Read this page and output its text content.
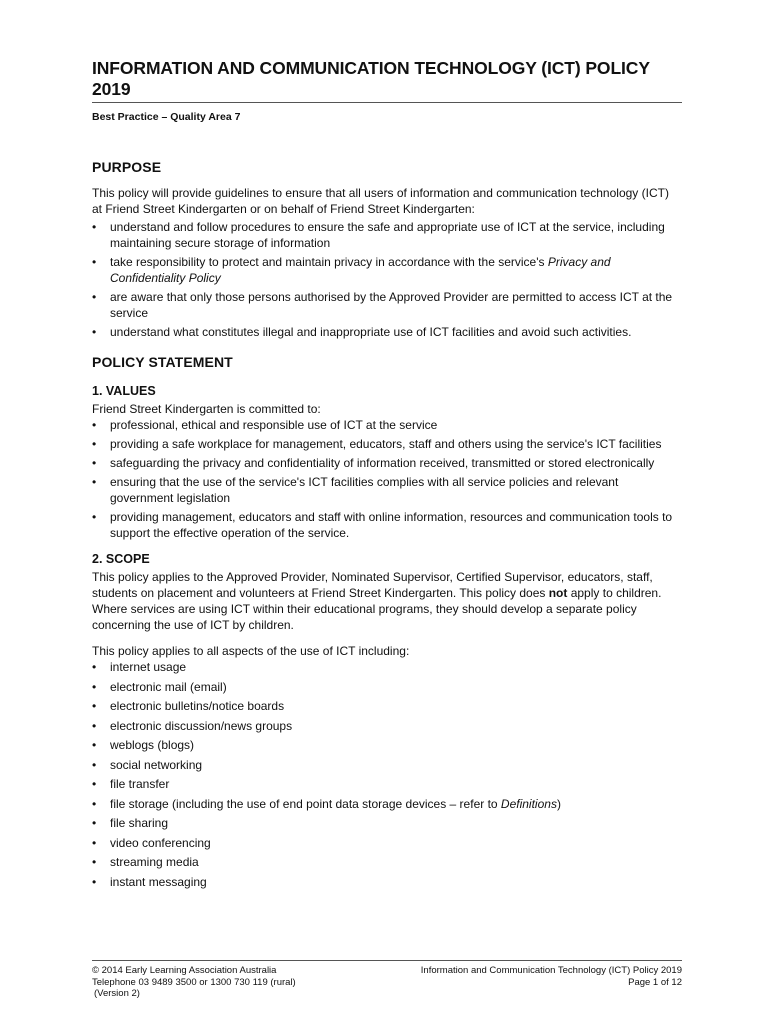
INFORMATION AND COMMUNICATION TECHNOLOGY (ICT) POLICY 2019
Best Practice – Quality Area 7
PURPOSE

This policy will provide guidelines to ensure that all users of information and communication technology (ICT) at Friend Street Kindergarten or on behalf of Friend Street Kindergarten:

• understand and follow procedures to ensure the safe and appropriate use of ICT at the service, including maintaining secure storage of information
• take responsibility to protect and maintain privacy in accordance with the service's Privacy and Confidentiality Policy
• are aware that only those persons authorised by the Approved Provider are permitted to access ICT at the service
• understand what constitutes illegal and inappropriate use of ICT facilities and avoid such activities.
POLICY STATEMENT
1. VALUES

Friend Street Kindergarten is committed to:

• professional, ethical and responsible use of ICT at the service
• providing a safe workplace for management, educators, staff and others using the service's ICT facilities
• safeguarding the privacy and confidentiality of information received, transmitted or stored electronically
• ensuring that the use of the service's ICT facilities complies with all service policies and relevant government legislation
• providing management, educators and staff with online information, resources and communication tools to support the effective operation of the service.
2. SCOPE

This policy applies to the Approved Provider, Nominated Supervisor, Certified Supervisor, educators, staff, students on placement and volunteers at Friend Street Kindergarten. This policy does not apply to children. Where services are using ICT within their educational programs, they should develop a separate policy concerning the use of ICT by children.

This policy applies to all aspects of the use of ICT including:

• internet usage
• electronic mail (email)
• electronic bulletins/notice boards
• electronic discussion/news groups
• weblogs (blogs)
• social networking
• file transfer
• file storage (including the use of end point data storage devices – refer to Definitions)
• file sharing
• video conferencing
• streaming media
• instant messaging
© 2014 Early Learning Association Australia
Telephone 03 9489 3500 or 1300 730 119 (rural)
(Version 2)
Information and Communication Technology (ICT) Policy 2019
Page 1 of 12
